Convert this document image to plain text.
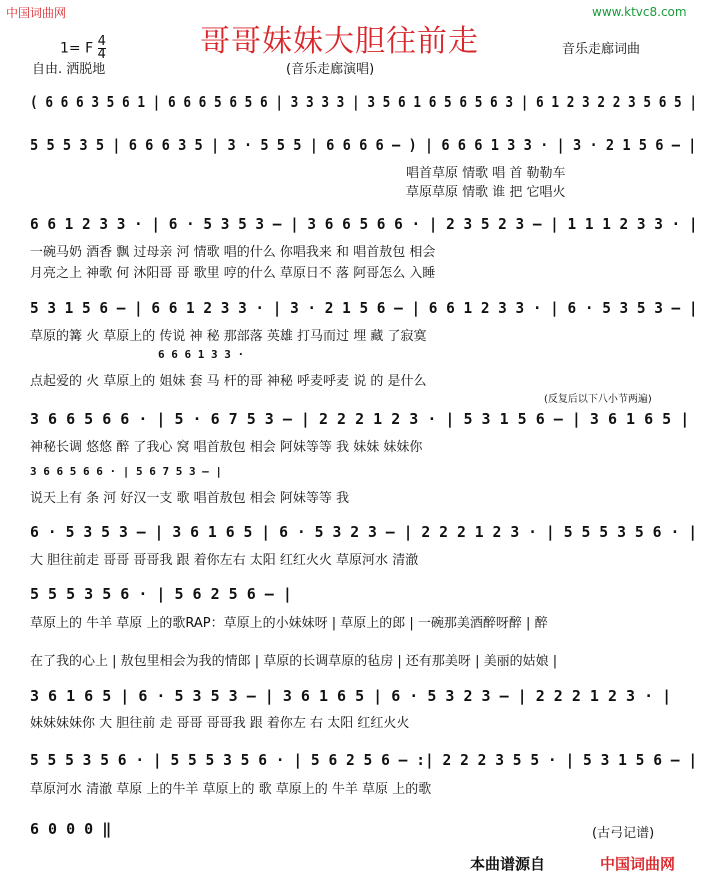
中国词曲网	www.ktvc8.com
1= F $\frac{4}{4}$	哥哥妹妹大胆往前走	音乐走廊词曲
自由. 洒脱地	(音乐走廊演唱)
( 6 6 6 3 5 6 1 | 6 6 6 5 6 5 6 | 3 3 3 3 | 3 5 6 1 6 5 6 5 6 3 | 6 1 2 3 2 2 3 5 6 5 |
5 5 5 3 5 | 6 6 6 3 5 | 3 · 5 5 5 | 6 6 6 6 – ) | 6 6 6 1 3 3 · | 3 · 2 1 5 6 – |
唱首草原 情歌 唱 首 勒勒车
草原草原 情歌 谁 把 它唱火
6 6 1 2 3 3 · | 6 · 5 3 5 3 – | 3 6 6 5 6 6 · | 2 3 5 2 3 – | 1 1 1 2 3 3 · |
一碗马奶 酒香 飘 过母亲 河 情歌 唱的什么 你唱我来 和 唱首敖包 相会
月亮之上 神歌 何 沐阳哥 哥 歌里 哼的什么 草原日不 落 阿哥怎么 入睡
5 3 1 5 6 – | 6 6 1 2 3 3 · | 3 · 2 1 5 6 – | 6 6 1 2 3 3 · | 6 · 5 3 5 3 – |
草原的篝 火 草原上的 传说 神 秘 那部落 英雄 打马而过 埋 藏 了寂寞
6 6 6 1 3 3 ·
点起爱的 火 草原上的 姐妹 套 马 杆的哥 神秘 呼麦呼麦 说 的 是什么
(反复后以下八小节两遍)
3 6 6 5 6 6 · | 5 · 6 7 5 3 – | 2 2 2 1 2 3 · | 5 3 1 5 6 – | 3 6 1 6 5 |
神秘长调 悠悠 醉 了我心 窝 唱首敖包 相会 阿妹等等 我 妹妹 妹妹你
3 6 6 5 6 6 · | 5 6 7 5 3 – |
说天上有 条 河 好汉一支 歌 唱首敖包 相会 阿妹等等 我
6 · 5 3 5 3 – | 3 6 1 6 5 | 6 · 5 3 2 3 – | 2 2 2 1 2 3 · | 5 5 5 3 5 6 · |
大 胆往前走 哥哥 哥哥我 跟 着你左右 太阳 红红火火 草原河水 清澈
5 5 5 3 5 6 · | 5 6 2 5 6 – |
草原上的 牛羊 草原 上的歌RAP：草原上的小妹妹呀 | 草原上的郎 | 一碗那美酒醉呀醉 | 醉
在了我的心上 | 敖包里相会为我的情郎 | 草原的长调草原的毡房 | 还有那美呀 | 美丽的姑娘 |
3 6 1 6 5 | 6 · 5 3 5 3 – | 3 6 1 6 5 | 6 · 5 3 2 3 – | 2 2 2 1 2 3 · |
妹妹妹妹你 大 胆往前 走 哥哥 哥哥我 跟 着你左 右 太阳 红红火火
5 5 5 3 5 6 · | 5 5 5 3 5 6 · | 5 6 2 5 6 – :| 2 2 2 3 5 5 · | 5 3 1 5 6 – |
草原河水 清澈 草原 上的牛羊 草原上的 歌 草原上的 牛羊 草原 上的歌
6 0 0 0 ‖	(古弓记谱)
本曲谱源自	中国词曲网
